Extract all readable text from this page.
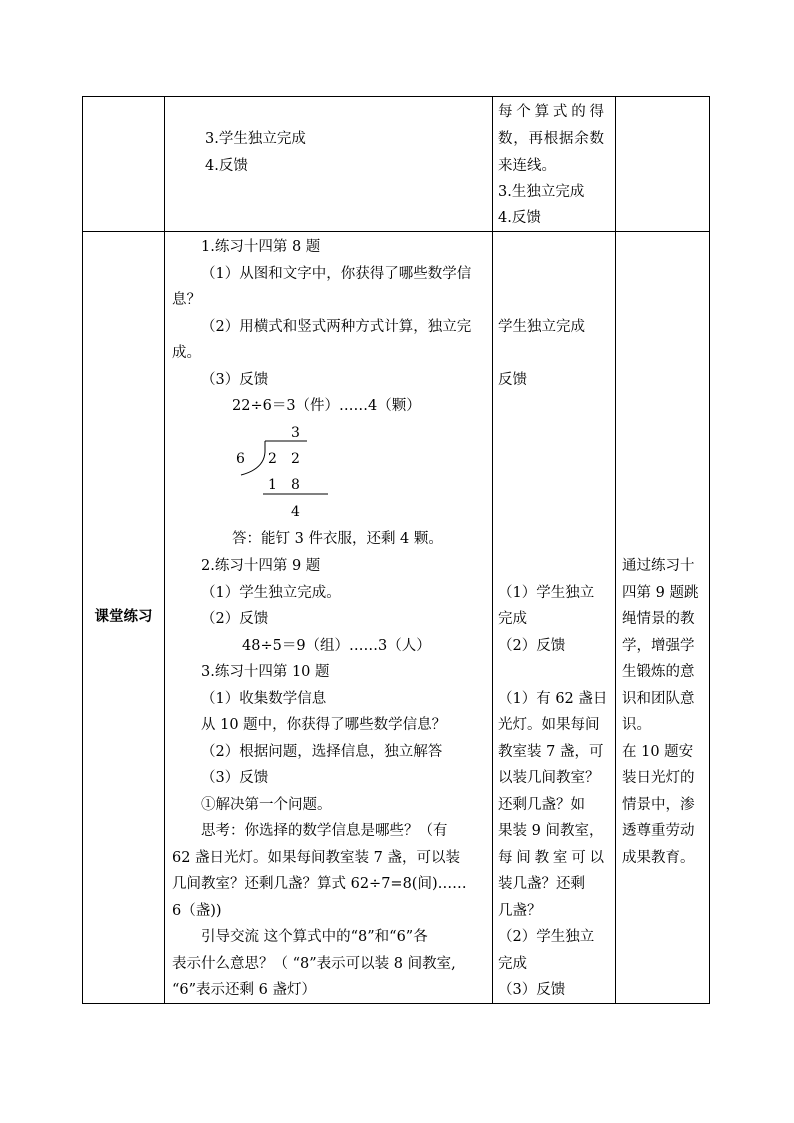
3.学生独立完成
4.反馈
每个算式的得
数，再根据余数
来连线。
3.生独立完成
4.反馈
课堂练习
1.练习十四第 8 题
（1）从图和文字中，你获得了哪些数学信
息？
（2）用横式和竖式两种方式计算，独立完
成。
（3）反馈
22÷6＝3（件）……4（颗）
3
6 2 2
1 8
4
答：能钉 3 件衣服，还剩 4 颗。
2.练习十四第 9 题
（1）学生独立完成。
（2）反馈
48÷5＝9（组）……3（人）
3.练习十四第 10 题
（1）收集数学信息
从 10 题中，你获得了哪些数学信息？
（2）根据问题，选择信息，独立解答
（3）反馈
①解决第一个问题。
思考：你选择的数学信息是哪些？（有
62 盏日光灯。如果每间教室装 7 盏，可以装
几间教室？还剩几盏？算式 62÷7=8(间)……
6（盏))
引导交流 这个算式中的“8”和“6”各
表示什么意思？（ “8”表示可以装 8 间教室,
“6”表示还剩 6 盏灯）
学生独立完成
反馈
（1）学生独立
完成
（2）反馈
（1）有 62 盏日
光灯。如果每间
教室装 7 盏，可
以装几间教室？
还剩几盏？如
果装 9 间教室，
每间教室可以
装几盏？还剩
几盏？
（2）学生独立
完成
（3）反馈
通过练习十
四第 9 题跳
绳情景的教
学，增强学
生锻炼的意
识和团队意
识。
在 10 题安
装日光灯的
情景中，渗
透尊重劳动
成果教育。
